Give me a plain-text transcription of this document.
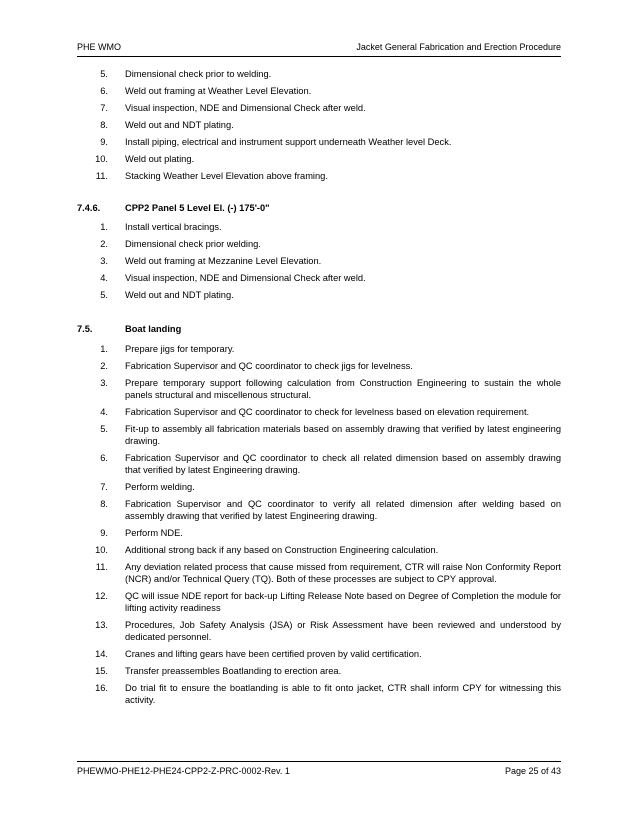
PHE WMO	Jacket General Fabrication and Erection Procedure
5.	Dimensional check prior to welding.
6.	Weld out framing at Weather Level Elevation.
7.	Visual inspection, NDE and Dimensional Check after weld.
8.	Weld out and NDT plating.
9.	Install piping, electrical and instrument support underneath Weather level Deck.
10.	Weld out plating.
11.	Stacking Weather Level Elevation above framing.
7.4.6.	CPP2 Panel 5 Level El. (-) 175'-0"
1.	Install vertical bracings.
2.	Dimensional check prior welding.
3.	Weld out framing at Mezzanine Level Elevation.
4.	Visual inspection, NDE and Dimensional Check after weld.
5.	Weld out and NDT plating.
7.5.	Boat landing
1.	Prepare jigs for temporary.
2.	Fabrication Supervisor and QC coordinator to check jigs for levelness.
3.	Prepare temporary support following calculation from Construction Engineering to sustain the whole panels structural and miscellenous structural.
4.	Fabrication Supervisor and QC coordinator to check for levelness based on elevation requirement.
5.	Fit-up to assembly all fabrication materials based on assembly drawing that verified by latest engineering drawing.
6.	Fabrication Supervisor and QC coordinator to check all related dimension based on assembly drawing that verified by latest Engineering drawing.
7.	Perform welding.
8.	Fabrication Supervisor and QC coordinator to verify all related dimension after welding based on assembly drawing that verified by latest Engineering drawing.
9.	Perform NDE.
10.	Additional strong back if any based on Construction Engineering calculation.
11.	Any deviation related process that cause missed from requirement, CTR will raise Non Conformity Report (NCR) and/or Technical Query (TQ). Both of these processes are subject to CPY approval.
12.	QC will issue NDE report for back-up Lifting Release Note based on Degree of Completion the module for lifting activity readiness
13.	Procedures, Job Safety Analysis (JSA) or Risk Assessment have been reviewed and understood by dedicated personnel.
14.	Cranes and lifting gears have been certified proven by valid certification.
15.	Transfer preassembles Boatlanding to erection area.
16.	Do trial fit to ensure the boatlanding is able to fit onto jacket, CTR shall inform CPY for witnessing this activity.
PHEWMO-PHE12-PHE24-CPP2-Z-PRC-0002-Rev. 1	Page 25 of 43
